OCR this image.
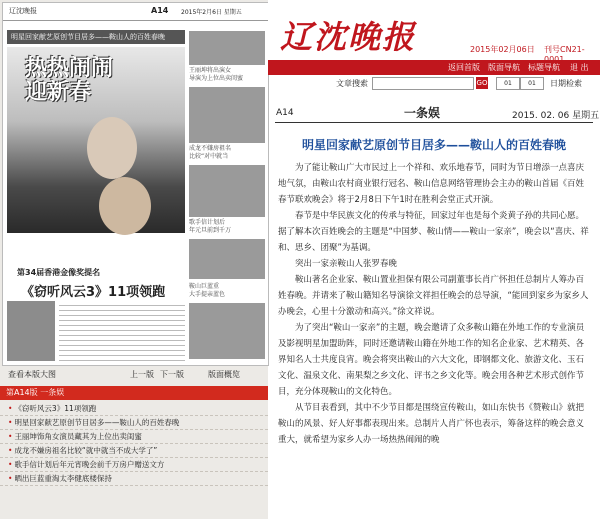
辽沈晚报	A14 2015年2月6日 星期五
明星回家献艺原创节目居多——鞍山人的百姓春晚
热热闹闹
迎新春
王丽坤将出演女
导演为上位出卖闺蜜
成龙不嫌房祖名
比较“对中就当
歌手信计划后
年元旦前到千万
鞍山巨蓝重
大手提亲蓝色
第34届香港金像奖提名
《窃听风云3》11项领跑
查看本版大图	上一版 下一版	版面概览
第A14版 一条娱
• 《窃听风云3》11项领跑
• 明星回家献艺原创节目居多——鞍山人的百姓春晚
• 王丽坤饰角女演员藏其为上位出卖闺蜜
• 成龙不嫌房祖名比较“就中就当不成大学了”
• 歌手信计划后年元宵晚会前千万房户赠送文方
• 晒出巨蓝重淘太李健底楼保持
辽沈晚报	2015年02月06日 刊号CN21-
返回首版 版面导航 标题导航 退 出
文章搜索	GO	01	01	日期检索
A14	一条娱	2015. 02. 06 星期五
明星回家献艺原创节目居多——鞍山人的百姓春晚

为了能让鞍山广大市民过上一个祥和、欢乐地春节，同时为节日增添一点喜庆地气氛，由鞍山农村商业银行冠名、鞍山信息网络管理协会主办的鞍山首届《百姓春节联欢晚会》将于2月8日下午1时在胜利会堂正式开演。

春节是中华民族文化的传承与特征，回家过年也是每个炎黄子孙的共同心愿。据了解本次百姓晚会的主题是“中国梦、鞍山情——鞍山一家亲”，晚会以“喜庆、祥和、思乡、团聚”为基调。

突出一家亲鞍山人张罗春晚

鞍山著名企业家、鞍山置业担保有限公司副董事长肖广怀担任总制片人筹办百姓春晚。并请来了鞍山籍知名导演徐文祥担任晚会的总导演，“能回到家乡为家乡人办晚会，心里十分激动和高兴。”徐文祥说。

为了突出“鞍山一家亲”的主题，晚会邀请了众多鞍山籍在外地工作的专业演员及影视明星加盟助阵，同时还邀请鞍山籍在外地工作的知名企业家、艺术精英、各界知名人士共度良宵。晚会将突出鞍山的六大文化，即钢都文化、旅游文化、玉石文化、温泉文化、南果梨之乡文化、评书之乡文化等。晚会用各种艺术形式创作节目，充分体现鞍山的文化特色。

从节目表看到，其中不少节目都是围绕宣传鞍山，如山东快书《赞鞍山》就把鞍山的风景、好人好事都表现出来。总制片人肖广怀也表示，筹备这样的晚会意义重大，就希望为家乡人办一场热热闹闹的晚
